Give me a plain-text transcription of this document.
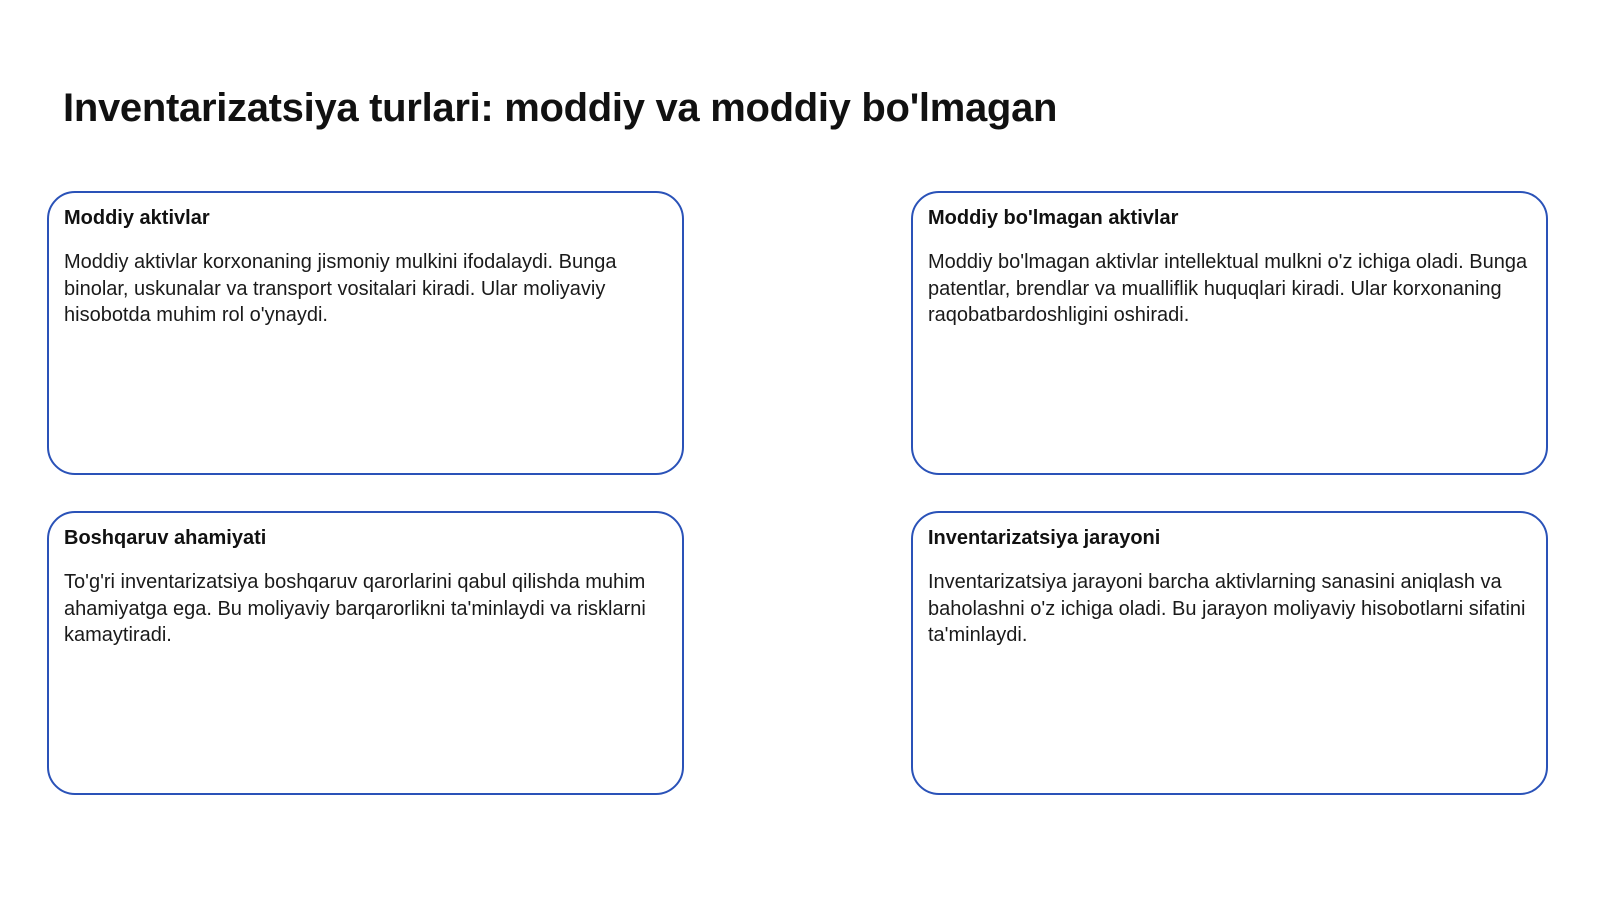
Inventarizatsiya turlari: moddiy va moddiy bo'lmagan
Moddiy aktivlar

Moddiy aktivlar korxonaning jismoniy mulkini ifodalaydi. Bunga binolar, uskunalar va transport vositalari kiradi. Ular moliyaviy hisobotda muhim rol o'ynaydi.

Moddiy bo'lmagan aktivlar

Moddiy bo'lmagan aktivlar intellektual mulkni o'z ichiga oladi. Bunga patentlar, brendlar va mualliflik huquqlari kiradi. Ular korxonaning raqobatbardoshligini oshiradi.

Boshqaruv ahamiyati

To'g'ri inventarizatsiya boshqaruv qarorlarini qabul qilishda muhim ahamiyatga ega. Bu moliyaviy barqarorlikni ta'minlaydi va risklarni kamaytiradi.

Inventarizatsiya jarayoni

Inventarizatsiya jarayoni barcha aktivlarning sanasini aniqlash va baholashni o'z ichiga oladi. Bu jarayon moliyaviy hisobotlarni sifatini ta'minlaydi.
